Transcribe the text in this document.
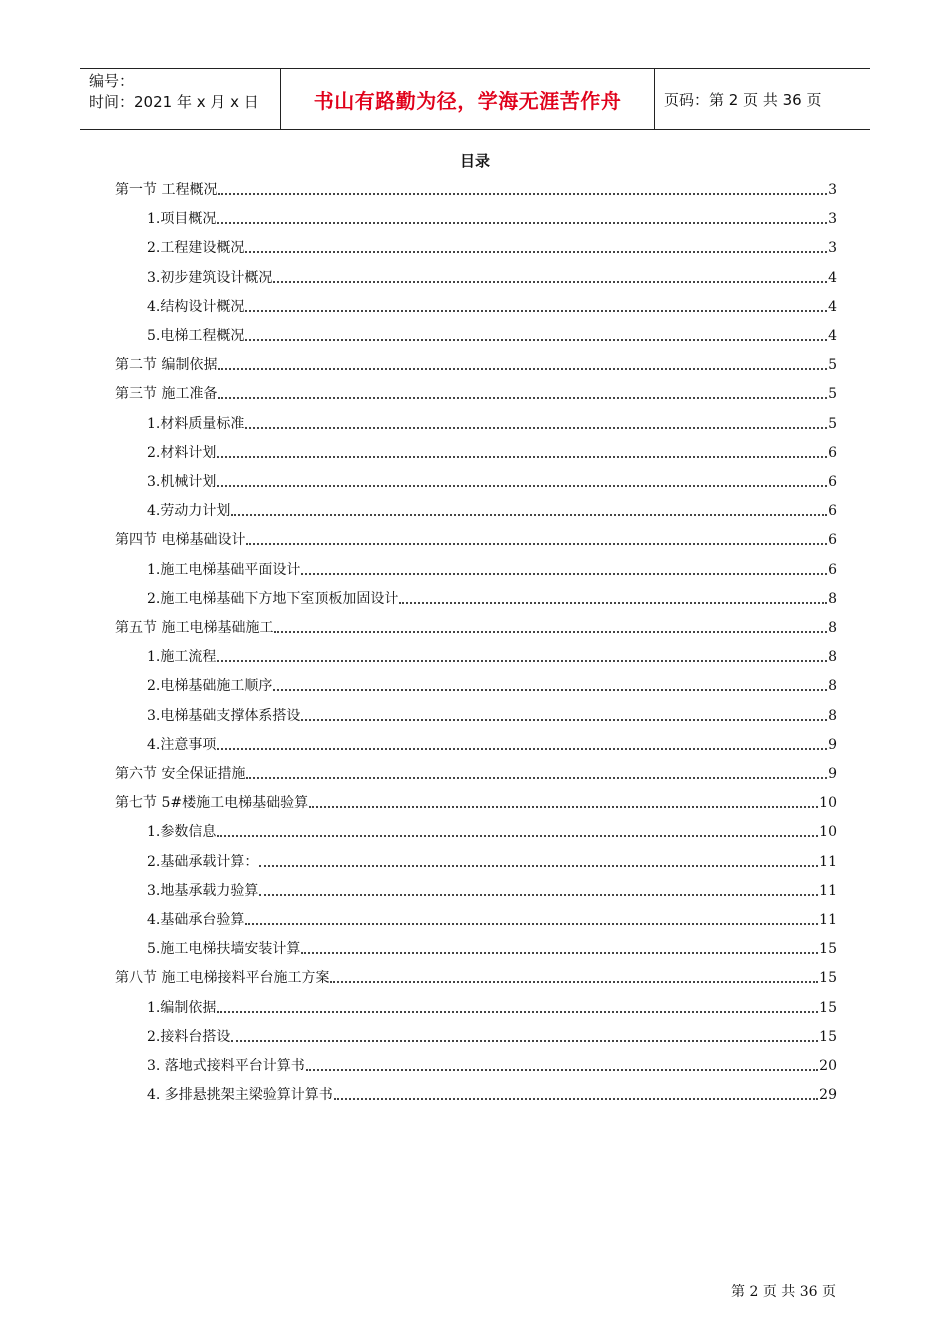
编号：
时间：2021 年 x 月 x 日	书山有路勤为径，学海无涯苦作舟	页码：第 2 页 共 36 页
目录
第一节 工程概况	3
1.项目概况	3
2.工程建设概况	3
3.初步建筑设计概况	4
4.结构设计概况	4
5.电梯工程概况	4
第二节 编制依据	5
第三节 施工准备	5
1.材料质量标准	5
2.材料计划	6
3.机械计划	6
4.劳动力计划	6
第四节 电梯基础设计	6
1.施工电梯基础平面设计	6
2.施工电梯基础下方地下室顶板加固设计	8
第五节 施工电梯基础施工	8
1.施工流程	8
2.电梯基础施工顺序	8
3.电梯基础支撑体系搭设	8
4.注意事项	9
第六节 安全保证措施	9
第七节 5#楼施工电梯基础验算	10
1.参数信息	10
2.基础承载计算：	11
3.地基承载力验算	11
4.基础承台验算	11
5.施工电梯扶墙安装计算	15
第八节 施工电梯接料平台施工方案	15
1.编制依据	15
2.接料台搭设	15
3. 落地式接料平台计算书	20
4. 多排悬挑架主梁验算计算书	29
第 2 页 共 36 页
